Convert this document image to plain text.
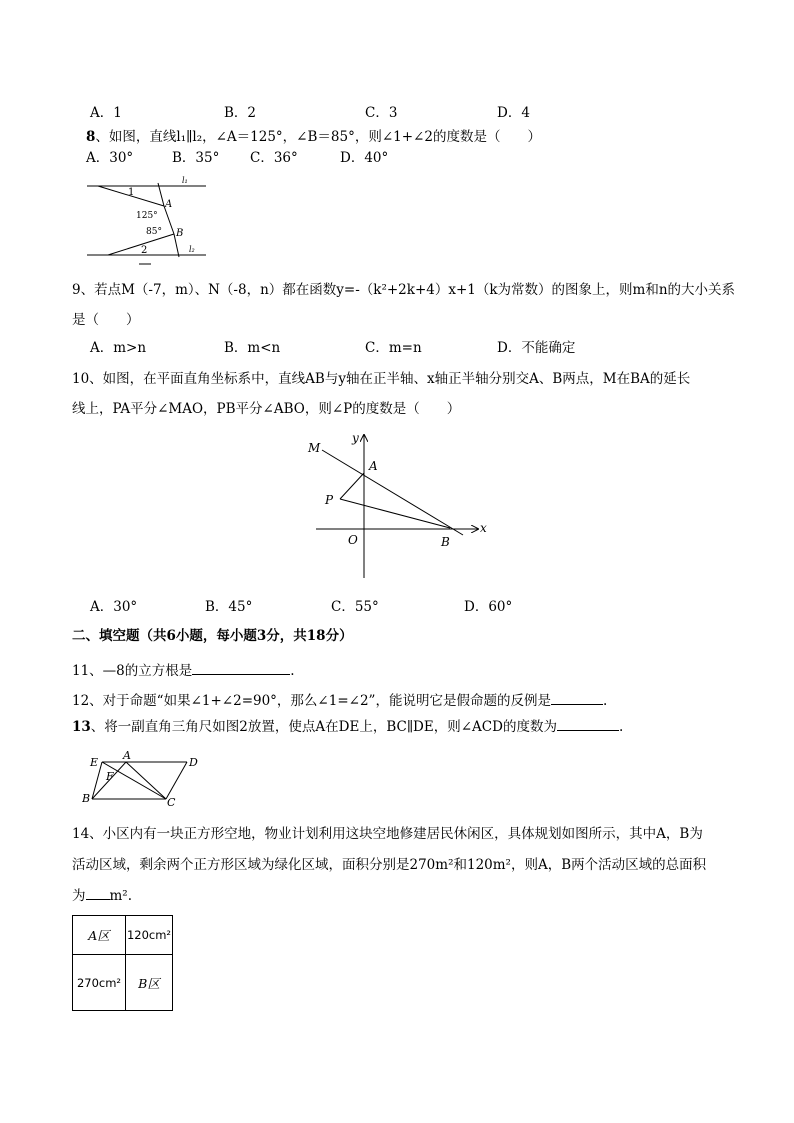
A．1	B．2	C．3	D．4
8、如图，直线l₁∥l₂，∠A＝125°，∠B＝85°，则∠1+∠2的度数是（　　）
A．30°	B．35° C．36°	D．40°
l₁
1
A
125°
85° B
2	l₂
9、若点M（-7，m）、N（-8，n）都在函数y=-（k²+2k+4）x+1（k为常数）的图象上，则m和n的大小关系
是（　　）
A．m>n	B．m<n	C．m=n	D．不能确定
10、如图，在平面直角坐标系中，直线AB与y轴在正半轴、x轴正半轴分别交A、B两点，M在BA的延长
线上，PA平分∠MAO，PB平分∠ABO，则∠P的度数是（　　）
y
M
A
P
O	B
x
A．30°	B．45°	C．55°	D．60°
二、填空题（共6小题，每小题3分，共18分）
11、—8的立方根是	.
12、对于命题“如果∠1+∠2=90°，那么∠1=∠2”，能说明它是假命题的反例是	.
13、将一副直角三角尺如图2放置，使点A在DE上，BC∥DE，则∠ACD的度数为	.
E
A
D
F
B	C
14、小区内有一块正方形空地，物业计划利用这块空地修建居民休闲区，具体规划如图所示，其中A，B为
活动区域，剩余两个正方形区域为绿化区域，面积分别是270m²和120m²，则A，B两个活动区域的总面积
为 m².
A区	120cm²
270cm²	B区
